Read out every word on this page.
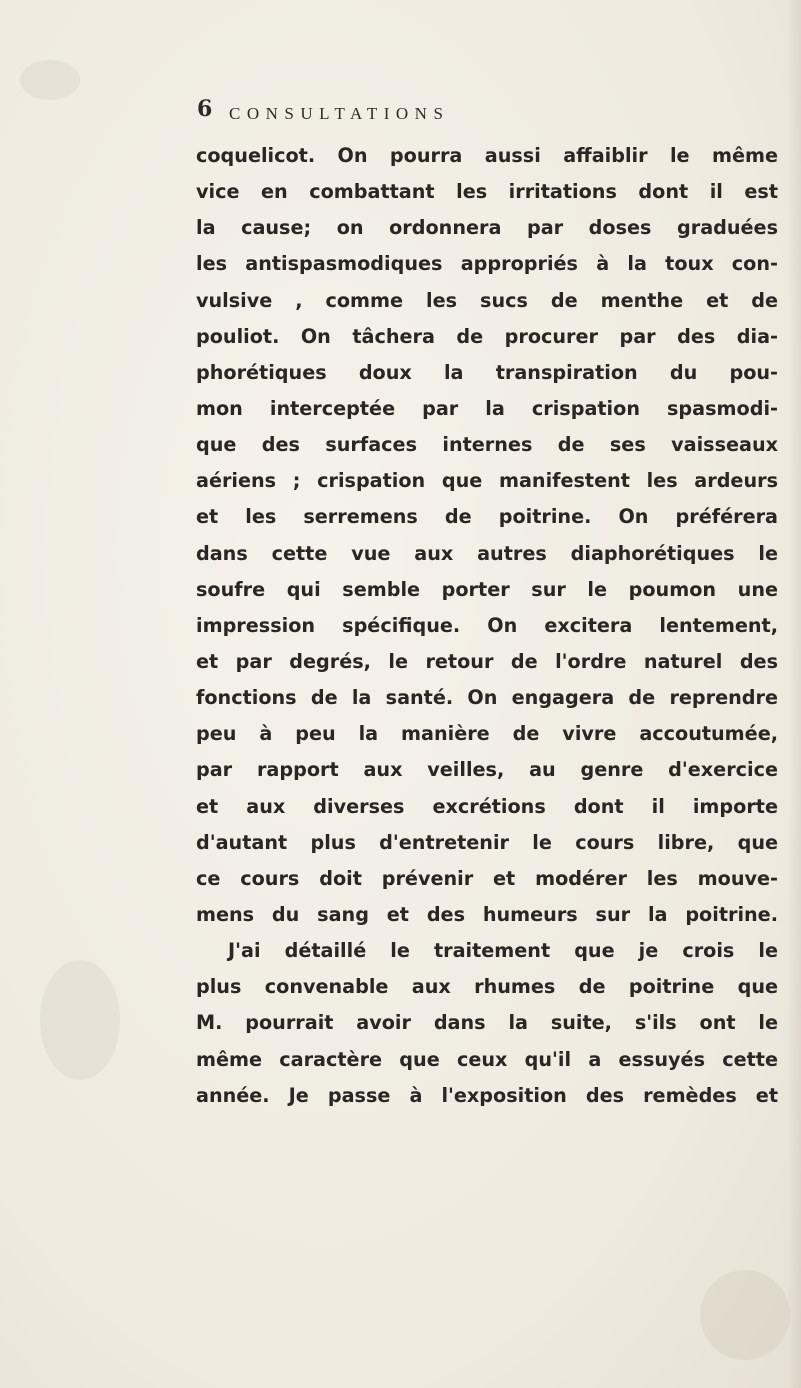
6 CONSULTATIONS
coquelicot. On pourra aussi affaiblir le même
vice en combattant les irritations dont il est
la cause; on ordonnera par doses graduées
les antispasmodiques appropriés à la toux con-
vulsive , comme les sucs de menthe et de
pouliot. On tâchera de procurer par des dia-
phorétiques doux la transpiration du pou-
mon interceptée par la crispation spasmodi-
que des surfaces internes de ses vaisseaux
aériens ; crispation que manifestent les ardeurs
et les serremens de poitrine. On préférera
dans cette vue aux autres diaphorétiques le
soufre qui semble porter sur le poumon une
impression spécifique. On excitera lentement,
et par degrés, le retour de l'ordre naturel des
fonctions de la santé. On engagera de reprendre
peu à peu la manière de vivre accoutumée,
par rapport aux veilles, au genre d'exercice
et aux diverses excrétions dont il importe
d'autant plus d'entretenir le cours libre, que
ce cours doit prévenir et modérer les mouve-
mens du sang et des humeurs sur la poitrine.
J'ai détaillé le traitement que je crois le
plus convenable aux rhumes de poitrine que
M. pourrait avoir dans la suite, s'ils ont le
même caractère que ceux qu'il a essuyés cette
année. Je passe à l'exposition des remèdes et
